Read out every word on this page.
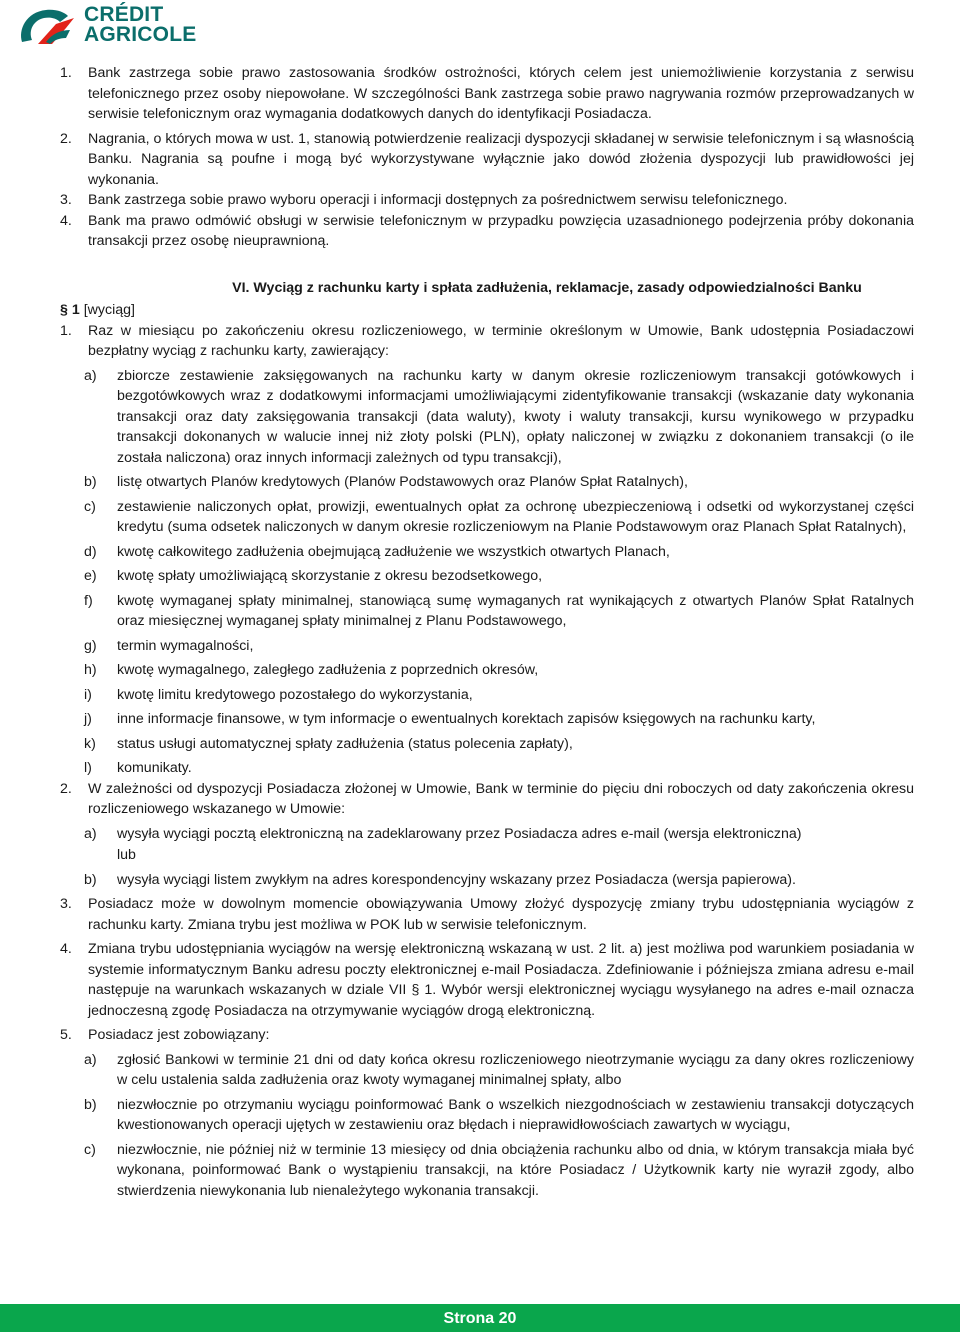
CRÉDIT
AGRICOLE
1. Bank zastrzega sobie prawo zastosowania środków ostrożności, których celem jest uniemożliwienie korzystania z serwisu telefonicznego przez osoby niepowołane. W szczególności Bank zastrzega sobie prawo nagrywania rozmów przeprowadzanych w serwisie telefonicznym oraz wymagania dodatkowych danych do identyfikacji Posiadacza.
2. Nagrania, o których mowa w ust. 1, stanowią potwierdzenie realizacji dyspozycji składanej w serwisie telefonicznym i są własnością Banku. Nagrania są poufne i mogą być wykorzystywane wyłącznie jako dowód złożenia dyspozycji lub prawidłowości jej wykonania.
3. Bank zastrzega sobie prawo wyboru operacji i informacji dostępnych za pośrednictwem serwisu telefonicznego.
4. Bank ma prawo odmówić obsługi w serwisie telefonicznym w przypadku powzięcia uzasadnionego podejrzenia próby dokonania transakcji przez osobę nieuprawnioną.
VI. Wyciąg z rachunku karty i spłata zadłużenia, reklamacje, zasady odpowiedzialności Banku
§ 1 [wyciąg]
1. Raz w miesiącu po zakończeniu okresu rozliczeniowego, w terminie określonym w Umowie, Bank udostępnia Posiadaczowi bezpłatny wyciąg z rachunku karty, zawierający:
a) zbiorcze zestawienie zaksięgowanych na rachunku karty w danym okresie rozliczeniowym transakcji gotówkowych i bezgotówkowych wraz z dodatkowymi informacjami umożliwiającymi zidentyfikowanie transakcji (wskazanie daty wykonania transakcji oraz daty zaksięgowania transakcji (data waluty), kwoty i waluty transakcji, kursu wynikowego w przypadku transakcji dokonanych w walucie innej niż złoty polski (PLN), opłaty naliczonej w związku z dokonaniem transakcji (o ile została naliczona) oraz innych informacji zależnych od typu transakcji),
b) listę otwartych Planów kredytowych (Planów Podstawowych oraz Planów Spłat Ratalnych),
c) zestawienie naliczonych opłat, prowizji, ewentualnych opłat za ochronę ubezpieczeniową i odsetki od wykorzystanej części kredytu (suma odsetek naliczonych w danym okresie rozliczeniowym na Planie Podstawowym oraz Planach Spłat Ratalnych),
d) kwotę całkowitego zadłużenia obejmującą zadłużenie we wszystkich otwartych Planach,
e) kwotę spłaty umożliwiającą skorzystanie z okresu bezodsetkowego,
f) kwotę wymaganej spłaty minimalnej, stanowiącą sumę wymaganych rat wynikających z otwartych Planów Spłat Ratalnych oraz miesięcznej wymaganej spłaty minimalnej z Planu Podstawowego,
g) termin wymagalności,
h) kwotę wymagalnego, zaległego zadłużenia z poprzednich okresów,
i) kwotę limitu kredytowego pozostałego do wykorzystania,
j) inne informacje finansowe, w tym informacje o ewentualnych korektach zapisów księgowych na rachunku karty,
k) status usługi automatycznej spłaty zadłużenia (status polecenia zapłaty),
l) komunikaty.
2. W zależności od dyspozycji Posiadacza złożonej w Umowie, Bank w terminie do pięciu dni roboczych od daty zakończenia okresu rozliczeniowego wskazanego w Umowie:
a) wysyła wyciągi pocztą elektroniczną na zadeklarowany przez Posiadacza adres e-mail (wersja elektroniczna)
lub
b) wysyła wyciągi listem zwykłym na adres korespondencyjny wskazany przez Posiadacza (wersja papierowa).
3. Posiadacz może w dowolnym momencie obowiązywania Umowy złożyć dyspozycję zmiany trybu udostępniania wyciągów z rachunku karty. Zmiana trybu jest możliwa w POK lub w serwisie telefonicznym.
4. Zmiana trybu udostępniania wyciągów na wersję elektroniczną wskazaną w ust. 2 lit. a) jest możliwa pod warunkiem posiadania w systemie informatycznym Banku adresu poczty elektronicznej e-mail Posiadacza. Zdefiniowanie i późniejsza zmiana adresu e-mail następuje na warunkach wskazanych w dziale VII § 1. Wybór wersji elektronicznej wyciągu wysyłanego na adres e-mail oznacza jednoczesną zgodę Posiadacza na otrzymywanie wyciągów drogą elektroniczną.
5. Posiadacz jest zobowiązany:
a) zgłosić Bankowi w terminie 21 dni od daty końca okresu rozliczeniowego nieotrzymanie wyciągu za dany okres rozliczeniowy w celu ustalenia salda zadłużenia oraz kwoty wymaganej minimalnej spłaty, albo
b) niezwłocznie po otrzymaniu wyciągu poinformować Bank o wszelkich niezgodnościach w zestawieniu transakcji dotyczących kwestionowanych operacji ujętych w zestawieniu oraz błędach i nieprawidłowościach zawartych w wyciągu,
c) niezwłocznie, nie później niż w terminie 13 miesięcy od dnia obciążenia rachunku albo od dnia, w którym transakcja miała być wykonana, poinformować Bank o wystąpieniu transakcji, na które Posiadacz / Użytkownik karty nie wyraził zgody, albo stwierdzenia niewykonania lub nienależytego wykonania transakcji.
Strona 20
